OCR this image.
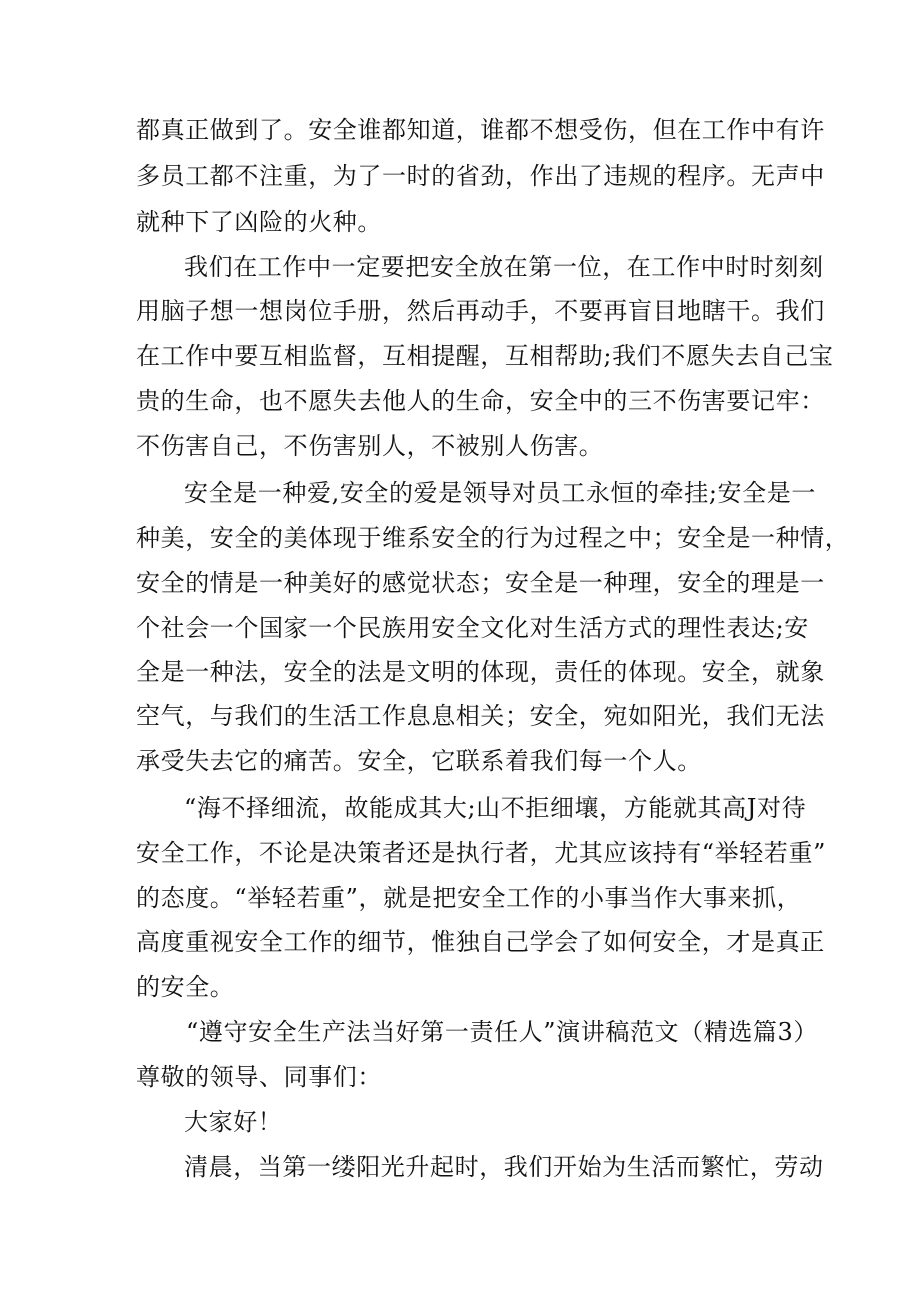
都真正做到了。安全谁都知道，谁都不想受伤，但在工作中有许
多员工都不注重，为了一时的省劲，作出了违规的程序。无声中
就种下了凶险的火种。
我们在工作中一定要把安全放在第一位，在工作中时时刻刻
用脑子想一想岗位手册，然后再动手，不要再盲目地瞎干。我们
在工作中要互相监督，互相提醒，互相帮助;我们不愿失去自己宝
贵的生命，也不愿失去他人的生命，安全中的三不伤害要记牢：
不伤害自己，不伤害别人，不被别人伤害。
安全是一种爱,安全的爱是领导对员工永恒的牵挂;安全是一
种美，安全的美体现于维系安全的行为过程之中；安全是一种情，
安全的情是一种美好的感觉状态；安全是一种理，安全的理是一
个社会一个国家一个民族用安全文化对生活方式的理性表达;安
全是一种法，安全的法是文明的体现，责任的体现。安全，就象
空气，与我们的生活工作息息相关；安全，宛如阳光，我们无法
承受失去它的痛苦。安全，它联系着我们每一个人。
“海不择细流，故能成其大;山不拒细壤，方能就其高J对待
安全工作，不论是决策者还是执行者，尤其应该持有“举轻若重”
的态度。“举轻若重”，就是把安全工作的小事当作大事来抓，
高度重视安全工作的细节，惟独自己学会了如何安全，才是真正
的安全。
“遵守安全生产法当好第一责任人”演讲稿范文（精选篇3）
尊敬的领导、同事们：
大家好！
清晨，当第一缕阳光升起时，我们开始为生活而繁忙，劳动
